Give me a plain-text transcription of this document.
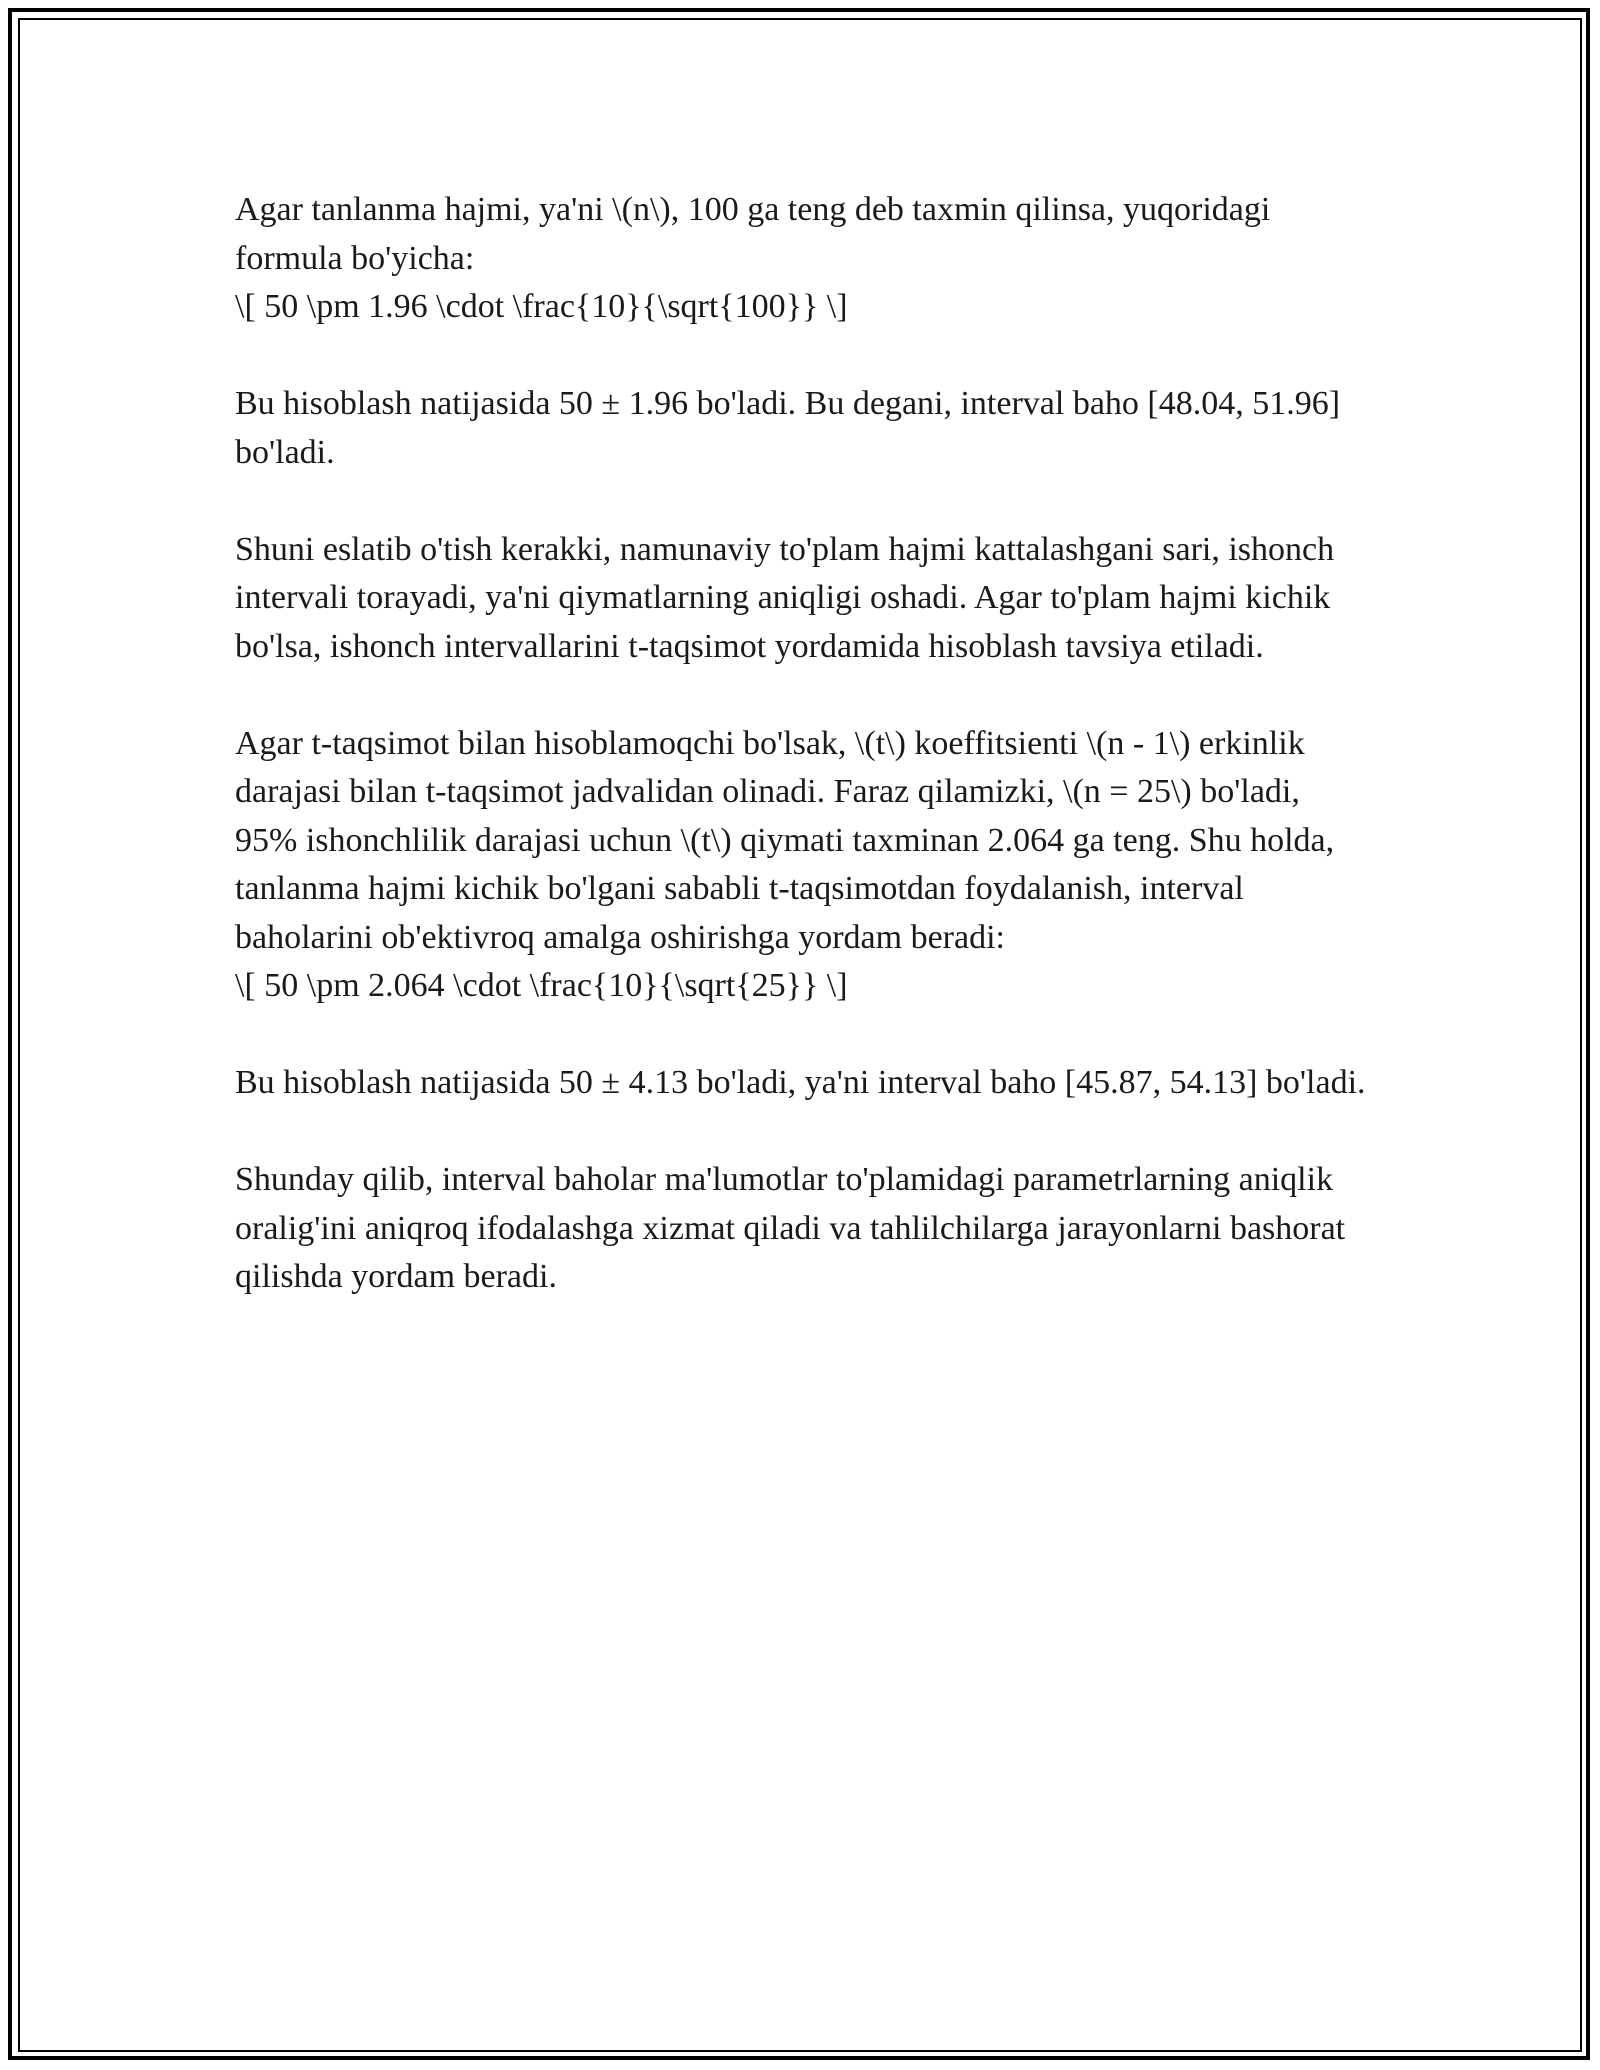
Agar tanlanma hajmi, ya'ni \(n\), 100 ga teng deb taxmin qilinsa, yuqoridagi formula bo'yicha:
\[ 50 \pm 1.96 \cdot \frac{10}{\sqrt{100}} \]

Bu hisoblash natijasida 50 ± 1.96 bo'ladi. Bu degani, interval baho [48.04, 51.96] bo'ladi.

Shuni eslatib o'tish kerakki, namunaviy to'plam hajmi kattalashgani sari, ishonch intervali torayadi, ya'ni qiymatlarning aniqligi oshadi. Agar to'plam hajmi kichik bo'lsa, ishonch intervallarini t-taqsimot yordamida hisoblash tavsiya etiladi.

Agar t-taqsimot bilan hisoblamoqchi bo'lsak, \(t\) koeffitsienti \(n - 1\) erkinlik darajasi bilan t-taqsimot jadvalidan olinadi. Faraz qilamizki, \(n = 25\) bo'ladi, 95% ishonchlilik darajasi uchun \(t\) qiymati taxminan 2.064 ga teng. Shu holda, tanlanma hajmi kichik bo'lgani sababli t-taqsimotdan foydalanish, interval baholarini ob'ektivroq amalga oshirishga yordam beradi:
\[ 50 \pm 2.064 \cdot \frac{10}{\sqrt{25}} \]

Bu hisoblash natijasida 50 ± 4.13 bo'ladi, ya'ni interval baho [45.87, 54.13] bo'ladi.

Shunday qilib, interval baholar ma'lumotlar to'plamidagi parametrlarning aniqlik oralig'ini aniqroq ifodalashga xizmat qiladi va tahlilchilarga jarayonlarni bashorat qilishda yordam beradi.
